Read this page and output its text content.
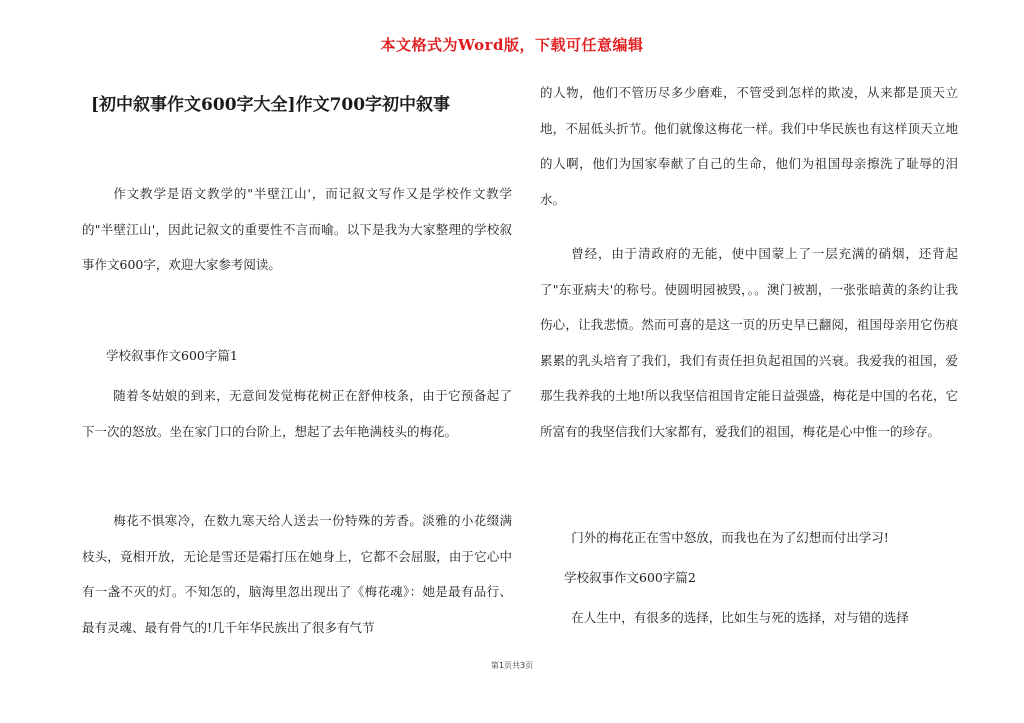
本文格式为Word版，下载可任意编辑
[初中叙事作文600字大全]作文700字初中叙事

作文教学是语文教学的"半壁江山'，而记叙文写作又是学校作文教学的"半壁江山'，因此记叙文的重要性不言而喻。以下是我为大家整理的学校叙事作文600字，欢迎大家参考阅读。

学校叙事作文600字篇1

随着冬姑娘的到来，无意间发觉梅花树正在舒伸枝条，由于它预备起了下一次的怒放。坐在家门口的台阶上，想起了去年艳满枝头的梅花。

梅花不惧寒冷，在数九寒天给人送去一份特殊的芳香。淡雅的小花缀满枝头，竟相开放，无论是雪还是霜打压在她身上，它都不会屈服，由于它心中有一盏不灭的灯。不知怎的，脑海里忽出现出了《梅花魂》：她是最有品行、最有灵魂、最有骨气的!几千年华民族出了很多有气节

的人物，他们不管历尽多少磨难，不管受到怎样的欺凌，从来都是顶天立地，不屈低头折节。他们就像这梅花一样。我们中华民族也有这样顶天立地的人啊，他们为国家奉献了自己的生命，他们为祖国母亲擦洗了耻辱的泪水。

曾经，由于清政府的无能，使中国蒙上了一层充满的硝烟，还背起了"东亚病夫'的称号。使圆明园被毁，。。澳门被割，一张张暗黄的条约让我伤心，让我悲愤。然而可喜的是这一页的历史早已翻阅，祖国母亲用它伤痕累累的乳头培育了我们，我们有责任担负起祖国的兴衰。我爱我的祖国，爱那生我养我的土地!所以我坚信祖国肯定能日益强盛，梅花是中国的名花，它所富有的我坚信我们大家都有，爱我们的祖国，梅花是心中惟一的珍存。

门外的梅花正在雪中怒放，而我也在为了幻想而付出学习!

学校叙事作文600字篇2

在人生中，有很多的选择，比如生与死的选择，对与错的选择

第1页共3页
